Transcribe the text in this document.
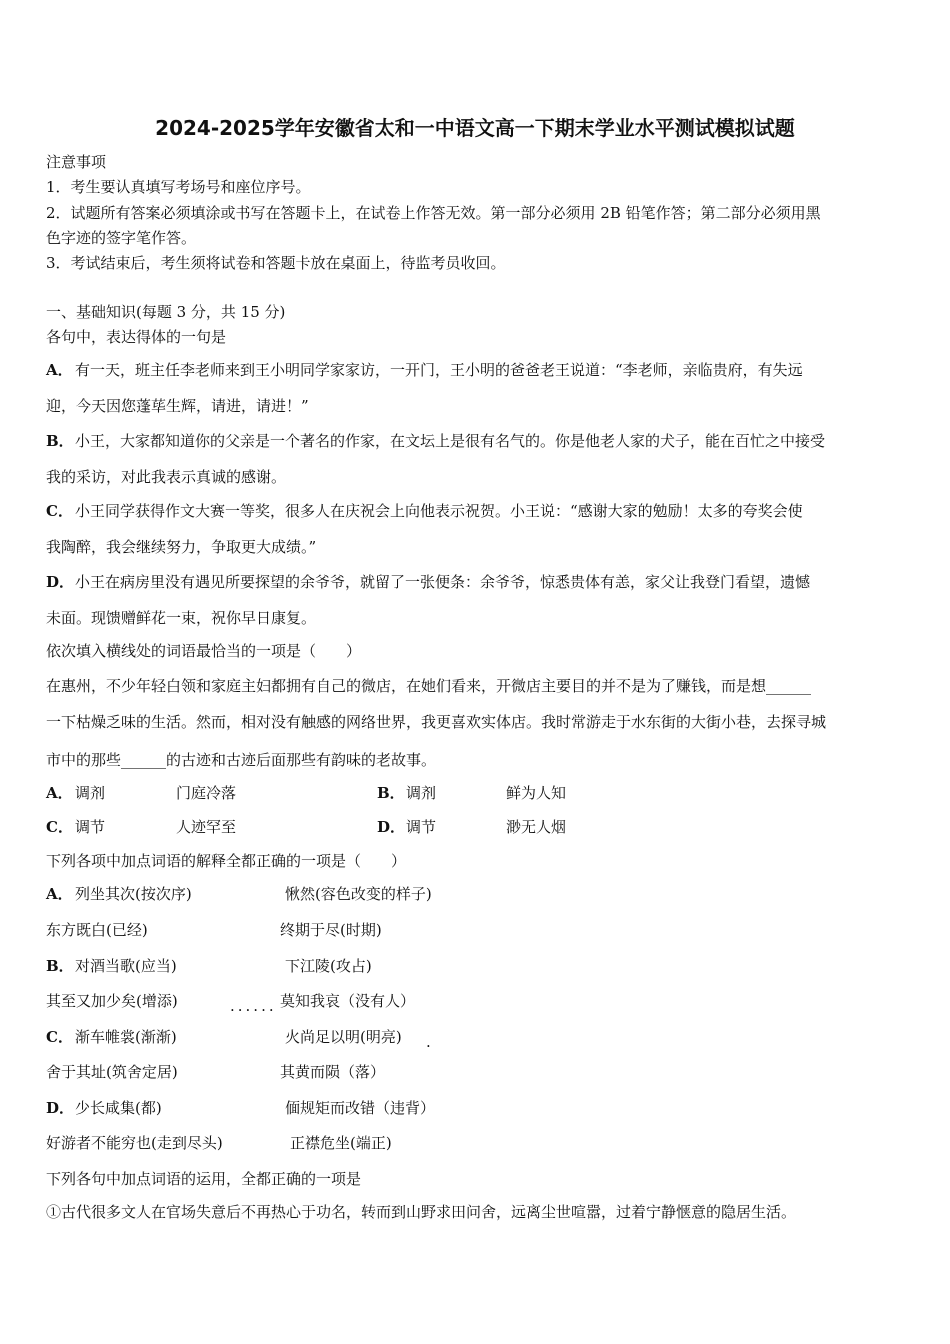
2024-2025学年安徽省太和一中语文高一下期末学业水平测试模拟试题
注意事项
1．考生要认真填写考场号和座位序号。
2．试题所有答案必须填涂或书写在答题卡上，在试卷上作答无效。第一部分必须用 2B 铅笔作答；第二部分必须用黑
色字迹的签字笔作答。
3．考试结束后，考生须将试卷和答题卡放在桌面上，待监考员收回。
一、基础知识(每题 3 分，共 15 分)
各句中，表达得体的一句是
A． 有一天，班主任李老师来到王小明同学家家访，一开门，王小明的爸爸老王说道：“李老师，亲临贵府，有失远
迎，今天因您蓬荜生辉，请进，请进！”
B． 小王，大家都知道你的父亲是一个著名的作家，在文坛上是很有名气的。你是他老人家的犬子，能在百忙之中接受
我的采访，对此我表示真诚的感谢。
C． 小王同学获得作文大赛一等奖，很多人在庆祝会上向他表示祝贺。小王说：“感谢大家的勉励！太多的夸奖会使
我陶醉，我会继续努力，争取更大成绩。”
D． 小王在病房里没有遇见所要探望的余爷爷，就留了一张便条：余爷爷，惊悉贵体有恙，家父让我登门看望，遗憾
未面。现馈赠鲜花一束，祝你早日康复。
依次填入横线处的词语最恰当的一项是（　　）
在惠州，不少年轻白领和家庭主妇都拥有自己的微店，在她们看来，开微店主要目的并不是为了赚钱，而是想______
一下枯燥乏味的生活。然而，相对没有触感的网络世界，我更喜欢实体店。我时常游走于水东街的大街小巷，去探寻城
市中的那些______的古迹和古迹后面那些有韵味的老故事。
A． 调剂	门庭冷落	B． 调剂	鲜为人知
C． 调节	人迹罕至	D． 调节	渺无人烟
下列各项中加点词语的解释全都正确的一项是（　　）
A． 列坐其次(按次序)	愀然(容色改变的样子)
东方既白(已经)	终期于尽(时期)
B． 对酒当歌(应当)	下江陵(攻占)
其至又加少矣(增添)	...... 莫知我哀（没有人）
C． 渐车帷裳(渐渐)	火尚足以明(明亮) .
舍于其址(筑舍定居)	其黄而陨（落）
D． 少长咸集(都)	偭规矩而改错（违背）
好游者不能穷也(走到尽头)	正襟危坐(端正)
下列各句中加点词语的运用，全都正确的一项是
①古代很多文人在官场失意后不再热心于功名，转而到山野求田问舍，远离尘世喧嚣，过着宁静惬意的隐居生活。
